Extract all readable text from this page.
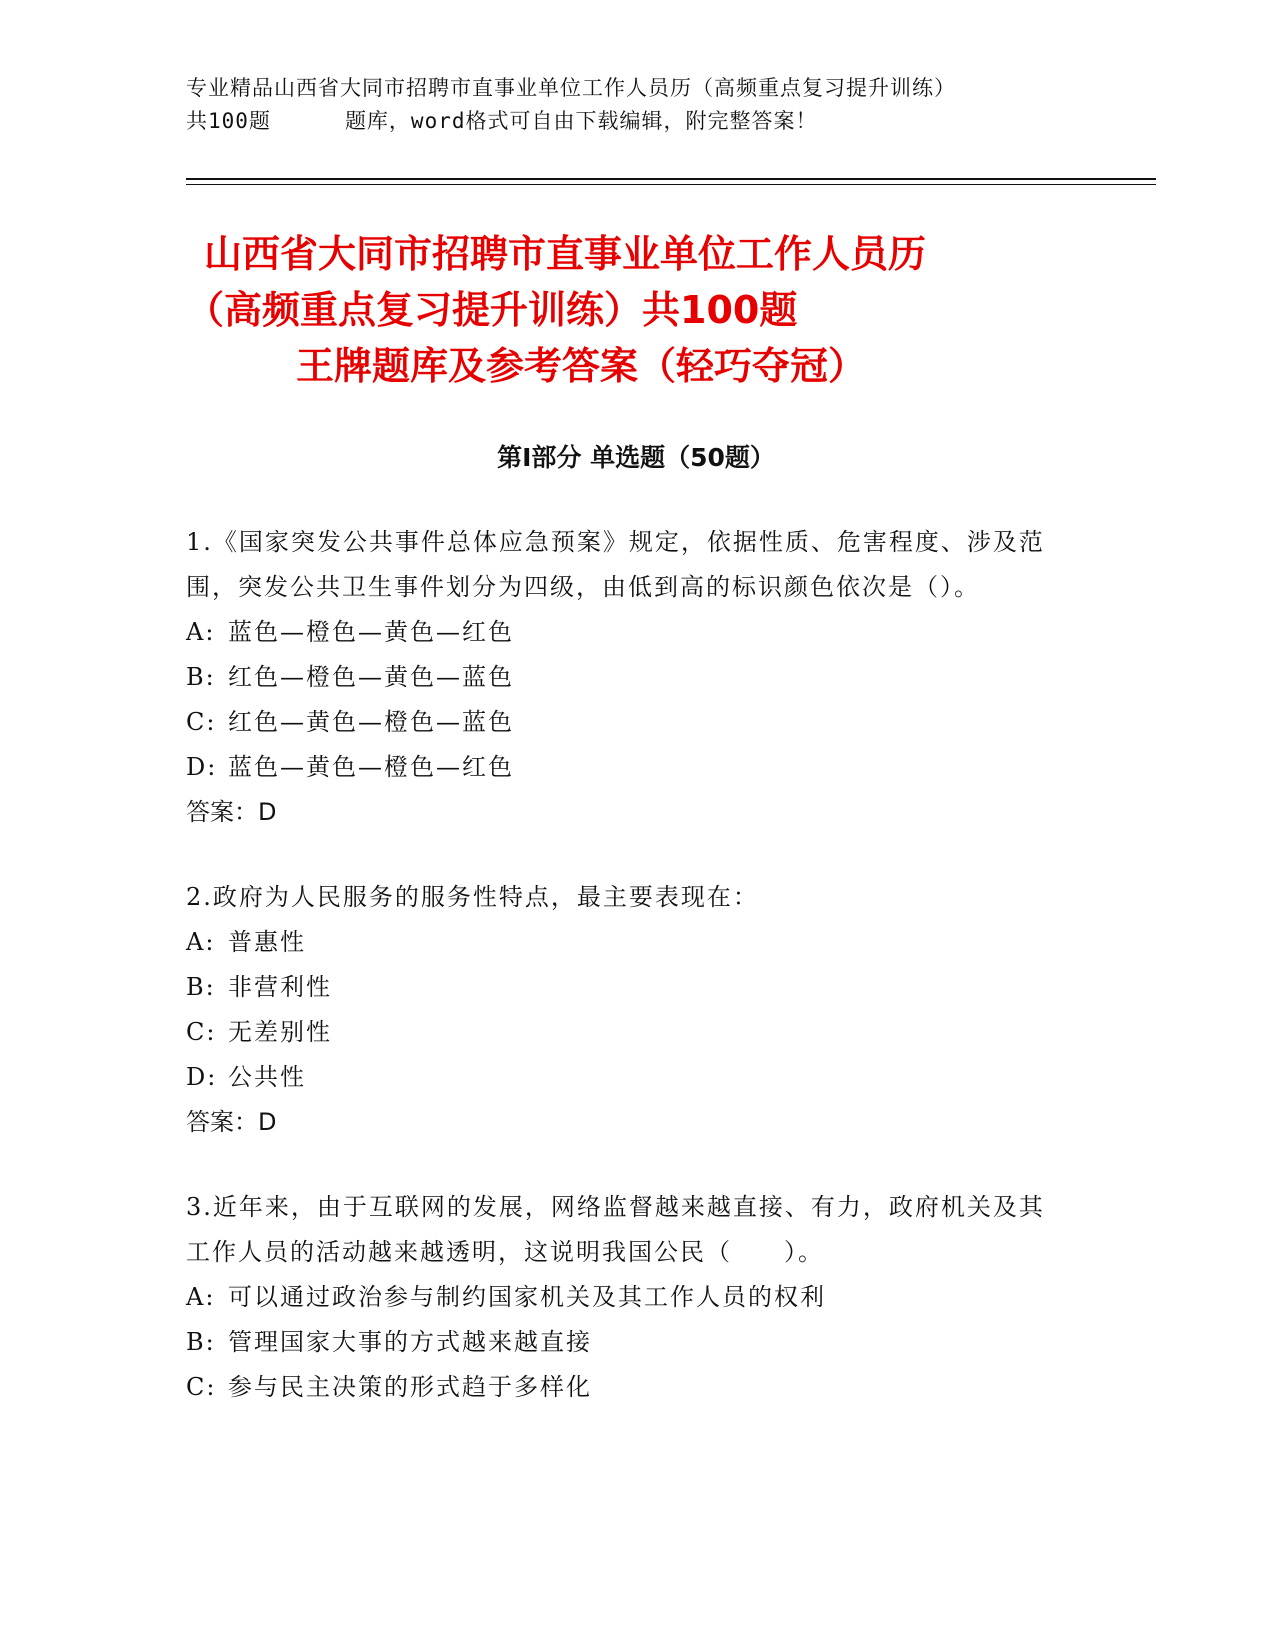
专业精品山西省大同市招聘市直事业单位工作人员历（高频重点复习提升训练）
共100题	题库，word格式可自由下载编辑，附完整答案！
山西省大同市招聘市直事业单位工作人员历
（高频重点复习提升训练）共100题
王牌题库及参考答案（轻巧夺冠）
第I部分 单选题（50题）
1.《国家突发公共事件总体应急预案》规定，依据性质、危害程度、涉及范围，突发公共卫生事件划分为四级，由低到高的标识颜色依次是（）。
A: 蓝色—橙色—黄色—红色
B: 红色—橙色—黄色—蓝色
C: 红色—黄色—橙色—蓝色
D: 蓝色—黄色—橙色—红色
答案：D
2.政府为人民服务的服务性特点，最主要表现在：
A: 普惠性
B: 非营利性
C: 无差别性
D: 公共性
答案：D
3.近年来，由于互联网的发展，网络监督越来越直接、有力，政府机关及其工作人员的活动越来越透明，这说明我国公民（　　）。
A: 可以通过政治参与制约国家机关及其工作人员的权利
B: 管理国家大事的方式越来越直接
C: 参与民主决策的形式趋于多样化
